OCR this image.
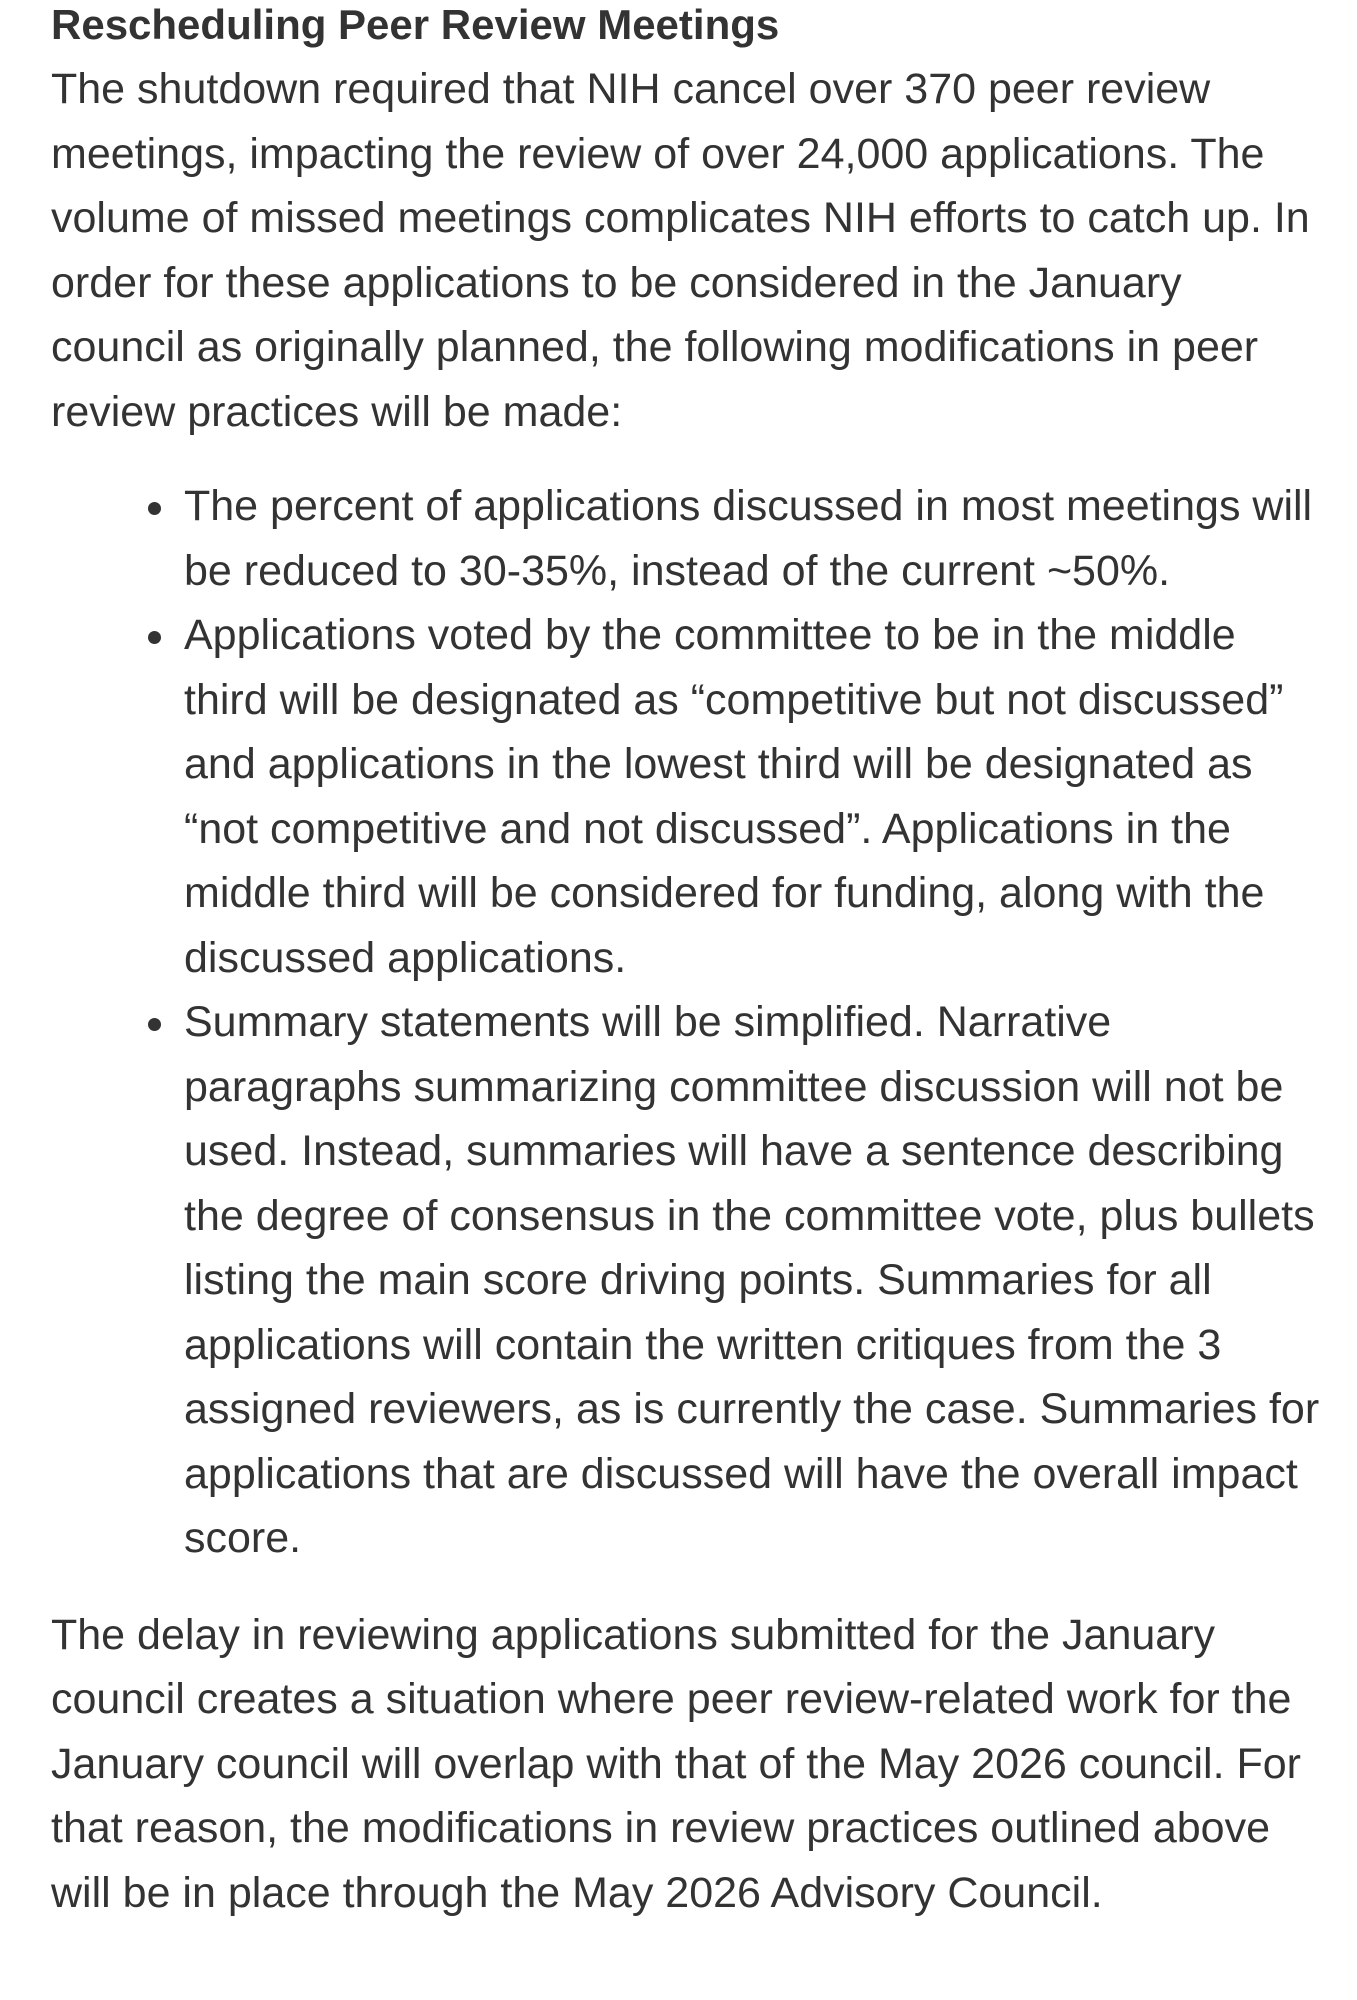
Rescheduling Peer Review Meetings

The shutdown required that NIH cancel over 370 peer review meetings, impacting the review of over 24,000 applications. The volume of missed meetings complicates NIH efforts to catch up. In order for these applications to be considered in the January council as originally planned, the following modifications in peer review practices will be made:

The percent of applications discussed in most meetings will be reduced to 30-35%, instead of the current ~50%.
Applications voted by the committee to be in the middle third will be designated as “competitive but not discussed” and applications in the lowest third will be designated as “not competitive and not discussed”. Applications in the middle third will be considered for funding, along with the discussed applications.
Summary statements will be simplified. Narrative paragraphs summarizing committee discussion will not be used. Instead, summaries will have a sentence describing the degree of consensus in the committee vote, plus bullets listing the main score driving points. Summaries for all applications will contain the written critiques from the 3 assigned reviewers, as is currently the case. Summaries for applications that are discussed will have the overall impact score.

The delay in reviewing applications submitted for the January council creates a situation where peer review-related work for the January council will overlap with that of the May 2026 council. For that reason, the modifications in review practices outlined above will be in place through the May 2026 Advisory Council.
